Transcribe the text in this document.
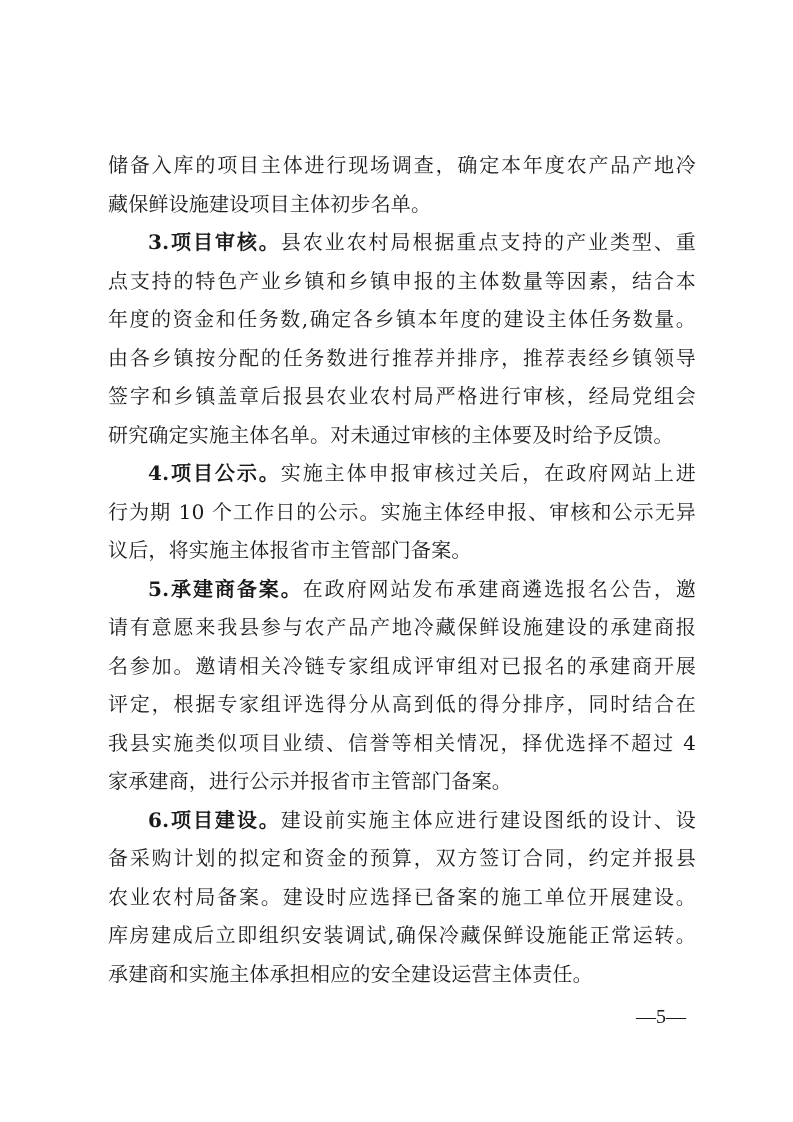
储备入库的项目主体进行现场调查，确定本年度农产品产地冷
藏保鲜设施建设项目主体初步名单。
3.项目审核。县农业农村局根据重点支持的产业类型、重
点支持的特色产业乡镇和乡镇申报的主体数量等因素，结合本
年度的资金和任务数,确定各乡镇本年度的建设主体任务数量。
由各乡镇按分配的任务数进行推荐并排序，推荐表经乡镇领导
签字和乡镇盖章后报县农业农村局严格进行审核，经局党组会
研究确定实施主体名单。对未通过审核的主体要及时给予反馈。
4.项目公示。实施主体申报审核过关后，在政府网站上进
行为期 10 个工作日的公示。实施主体经申报、审核和公示无异
议后，将实施主体报省市主管部门备案。
5.承建商备案。在政府网站发布承建商遴选报名公告，邀
请有意愿来我县参与农产品产地冷藏保鲜设施建设的承建商报
名参加。邀请相关冷链专家组成评审组对已报名的承建商开展
评定，根据专家组评选得分从高到低的得分排序，同时结合在
我县实施类似项目业绩、信誉等相关情况，择优选择不超过 4
家承建商，进行公示并报省市主管部门备案。
6.项目建设。建设前实施主体应进行建设图纸的设计、设
备采购计划的拟定和资金的预算，双方签订合同，约定并报县
农业农村局备案。建设时应选择已备案的施工单位开展建设。
库房建成后立即组织安装调试,确保冷藏保鲜设施能正常运转。
承建商和实施主体承担相应的安全建设运营主体责任。
—5—
